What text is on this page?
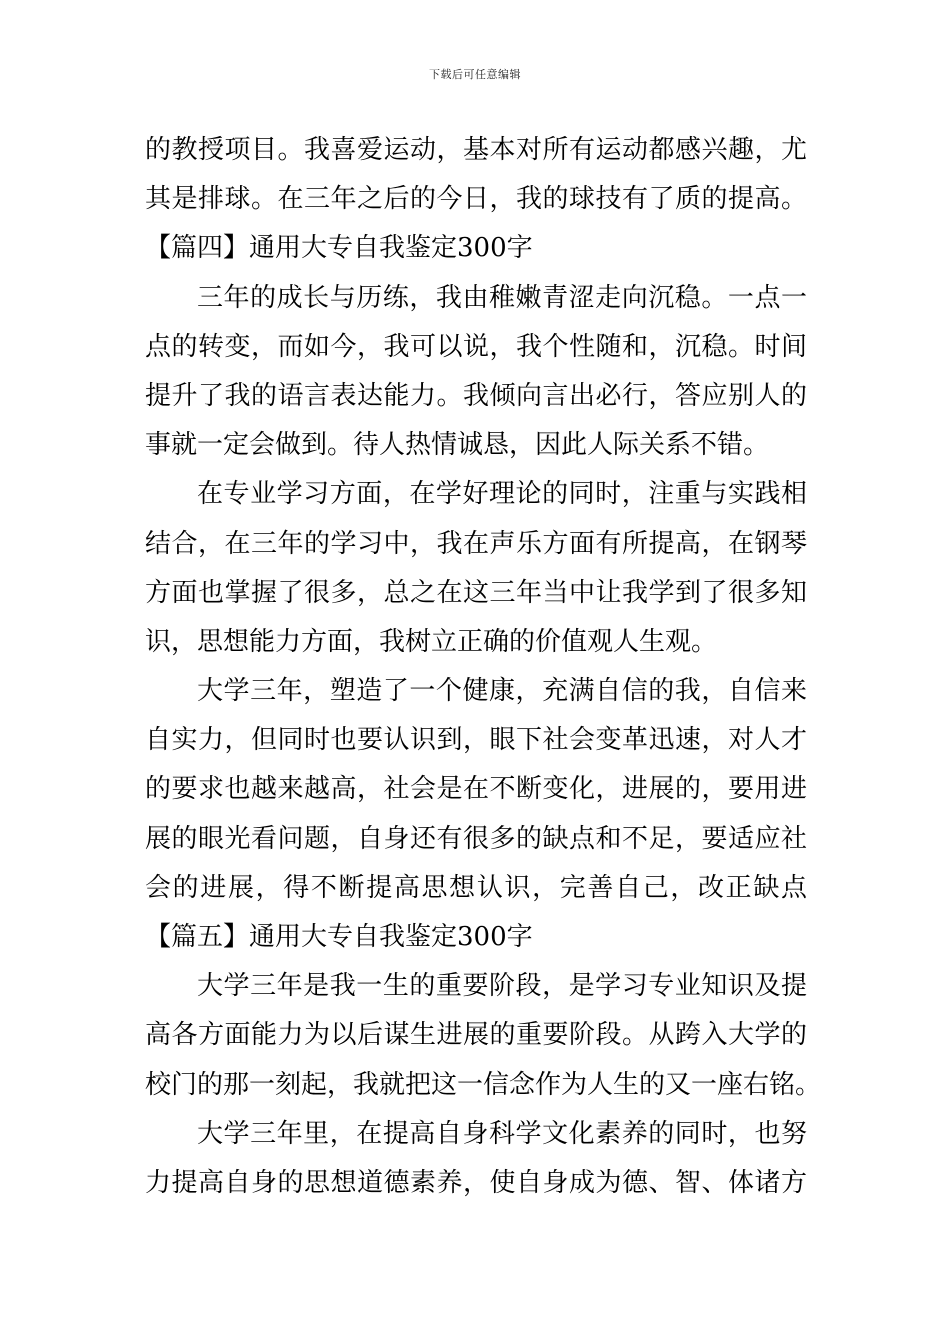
下载后可任意编辑
的教授项目。我喜爱运动，基本对所有运动都感兴趣，尤
其是排球。在三年之后的今日，我的球技有了质的提高。
【篇四】通用大专自我鉴定300字
三年的成长与历练，我由稚嫩青涩走向沉稳。一点一
点的转变，而如今，我可以说，我个性随和，沉稳。时间
提升了我的语言表达能力。我倾向言出必行，答应别人的
事就一定会做到。待人热情诚恳，因此人际关系不错。
在专业学习方面，在学好理论的同时，注重与实践相
结合，在三年的学习中，我在声乐方面有所提高，在钢琴
方面也掌握了很多，总之在这三年当中让我学到了很多知
识，思想能力方面，我树立正确的价值观人生观。
大学三年，塑造了一个健康，充满自信的我，自信来
自实力，但同时也要认识到，眼下社会变革迅速，对人才
的要求也越来越高，社会是在不断变化，进展的，要用进
展的眼光看问题，自身还有很多的缺点和不足，要适应社
会的进展，得不断提高思想认识，完善自己，改正缺点
【篇五】通用大专自我鉴定300字
大学三年是我一生的重要阶段，是学习专业知识及提
高各方面能力为以后谋生进展的重要阶段。从跨入大学的
校门的那一刻起，我就把这一信念作为人生的又一座右铭。
大学三年里，在提高自身科学文化素养的同时，也努
力提高自身的思想道德素养，使自身成为德、智、体诸方
